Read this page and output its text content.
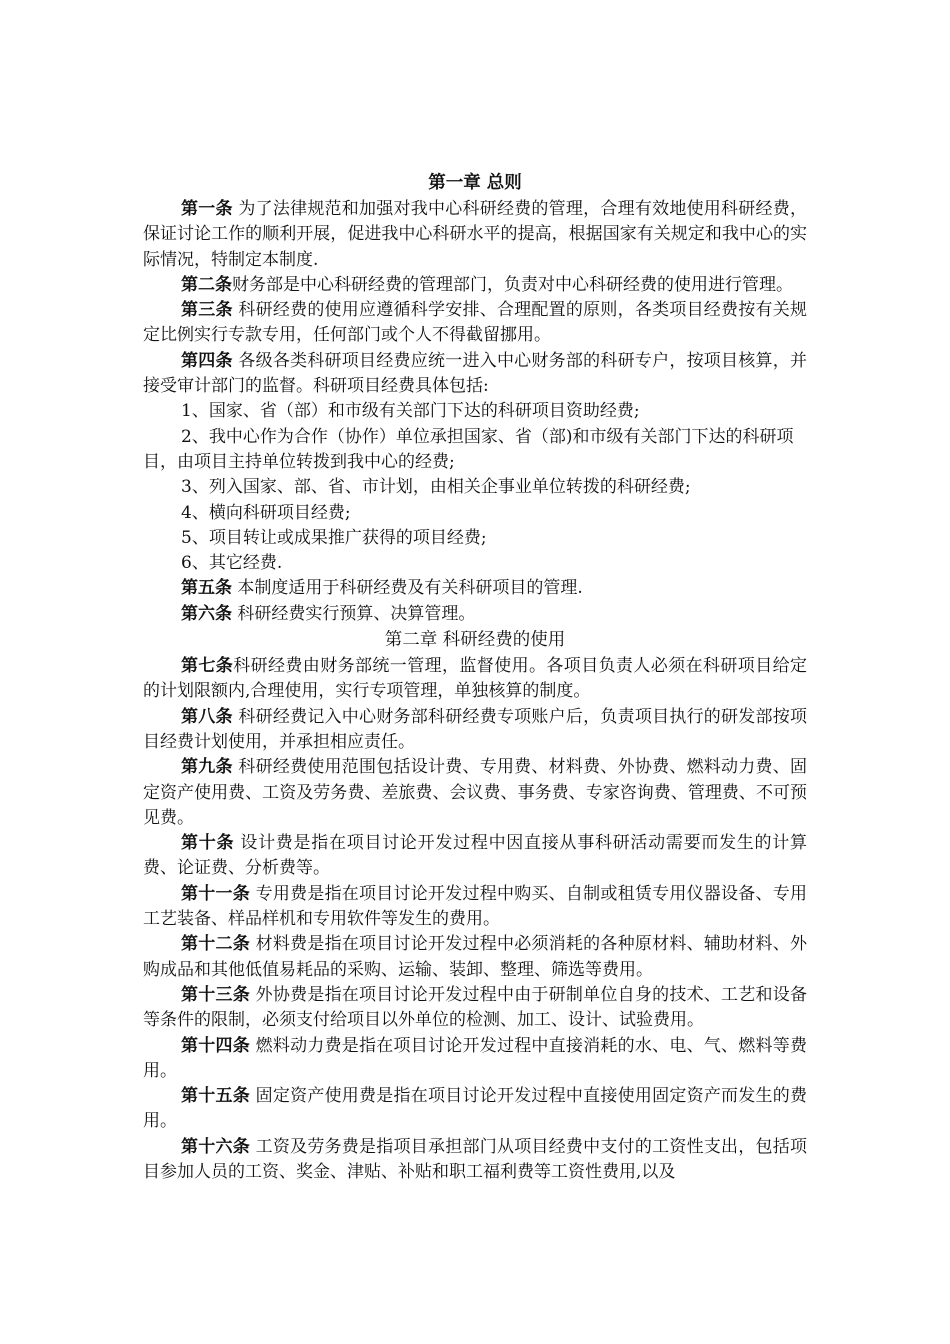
第一章 总则

第一条 为了法律规范和加强对我中心科研经费的管理，合理有效地使用科研经费，保证讨论工作的顺利开展，促进我中心科研水平的提高，根据国家有关规定和我中心的实际情况，特制定本制度.

第二条财务部是中心科研经费的管理部门，负责对中心科研经费的使用进行管理。

第三条 科研经费的使用应遵循科学安排、合理配置的原则，各类项目经费按有关规定比例实行专款专用，任何部门或个人不得截留挪用。

第四条 各级各类科研项目经费应统一进入中心财务部的科研专户，按项目核算，并接受审计部门的监督。科研项目经费具体包括:

1、国家、省（部）和市级有关部门下达的科研项目资助经费;

2、我中心作为合作（协作）单位承担国家、省（部)和市级有关部门下达的科研项目，由项目主持单位转拨到我中心的经费;

3、列入国家、部、省、市计划，由相关企事业单位转拨的科研经费;

4、横向科研项目经费;

5、项目转让或成果推广获得的项目经费;

6、其它经费.

第五条 本制度适用于科研经费及有关科研项目的管理.

第六条 科研经费实行预算、决算管理。

第二章 科研经费的使用

第七条科研经费由财务部统一管理，监督使用。各项目负责人必须在科研项目给定的计划限额内,合理使用，实行专项管理，单独核算的制度。

第八条 科研经费记入中心财务部科研经费专项账户后，负责项目执行的研发部按项目经费计划使用，并承担相应责任。

第九条 科研经费使用范围包括设计费、专用费、材料费、外协费、燃料动力费、固定资产使用费、工资及劳务费、差旅费、会议费、事务费、专家咨询费、管理费、不可预见费。

第十条 设计费是指在项目讨论开发过程中因直接从事科研活动需要而发生的计算费、论证费、分析费等。

第十一条 专用费是指在项目讨论开发过程中购买、自制或租赁专用仪器设备、专用工艺装备、样品样机和专用软件等发生的费用。

第十二条 材料费是指在项目讨论开发过程中必须消耗的各种原材料、辅助材料、外购成品和其他低值易耗品的采购、运输、装卸、整理、筛选等费用。

第十三条 外协费是指在项目讨论开发过程中由于研制单位自身的技术、工艺和设备等条件的限制，必须支付给项目以外单位的检测、加工、设计、试验费用。

第十四条 燃料动力费是指在项目讨论开发过程中直接消耗的水、电、气、燃料等费用。

第十五条 固定资产使用费是指在项目讨论开发过程中直接使用固定资产而发生的费用。

第十六条 工资及劳务费是指项目承担部门从项目经费中支付的工资性支出，包括项目参加人员的工资、奖金、津贴、补贴和职工福利费等工资性费用,以及
